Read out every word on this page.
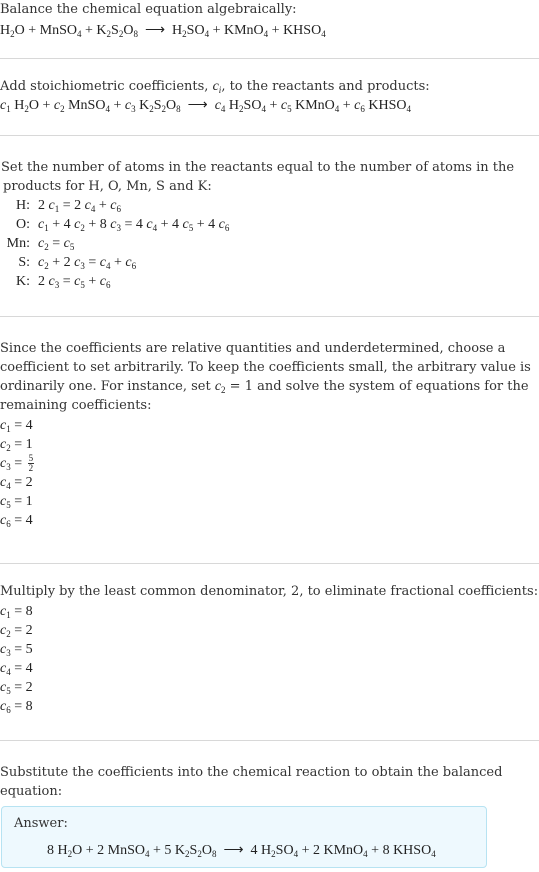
Balance the chemical equation algebraically:

$H_2O$ + MnSO$_4$ + $K_2S_2O_8$ ⟶ $H_2SO_4$ + KMnO$_4$ + $KHSO_4$

Add stoichiometric coefficients, $c_i$, to the reactants and products:

$c_1$ $H_2O + c_2$ MnSO$_4$ + $c_3$ $K_2S_2O_8$ ⟶ $c_4$ $H_2SO_4 + c_5$ KMnO$_4$ + $c_6$ $KHSO_4$

Set the number of atoms in the reactants equal to the number of atoms in the

products for H, O, Mn, S and K:

H:	2 $c_1 = 2$ $c_4 + c_6$
O:	$c_1 + 4$ $c_2 + 8$ $c_3 = 4$ $c_4 + 4$ $c_5 + 4$ $c_6$
Mn:	$c_2 = c_5$
S:	$c_2 + 2$ $c_3 = c_4 + c_6$
K:	2 $c_3 = c_5 + c_6$

Since the coefficients are relative quantities and underdetermined, choose a

coefficient to set arbitrarily. To keep the coefficients small, the arbitrary value is

ordinarily one. For instance, set $c_2 = 1$ and solve the system of equations for the

remaining coefficients:

$c_1 = 4$
$c_2 = 1$
$c_3 = \frac{5}{2}$
$c_4 = 2$
$c_5 = 1$
$c_6 = 4$

Multiply by the least common denominator, 2, to eliminate fractional coefficients:

$c_1 = 8$
$c_2 = 2$
$c_3 = 5$
$c_4 = 4$
$c_5 = 2$
$c_6 = 8$

Substitute the coefficients into the chemical reaction to obtain the balanced

equation:

Answer:
8 $H_2O + 2$ MnSO$_4$ + 5 $K_2S_2O_8$ ⟶ 4 $H_2SO_4 + 2$ KMnO$_4$ + 8 $KHSO_4$
